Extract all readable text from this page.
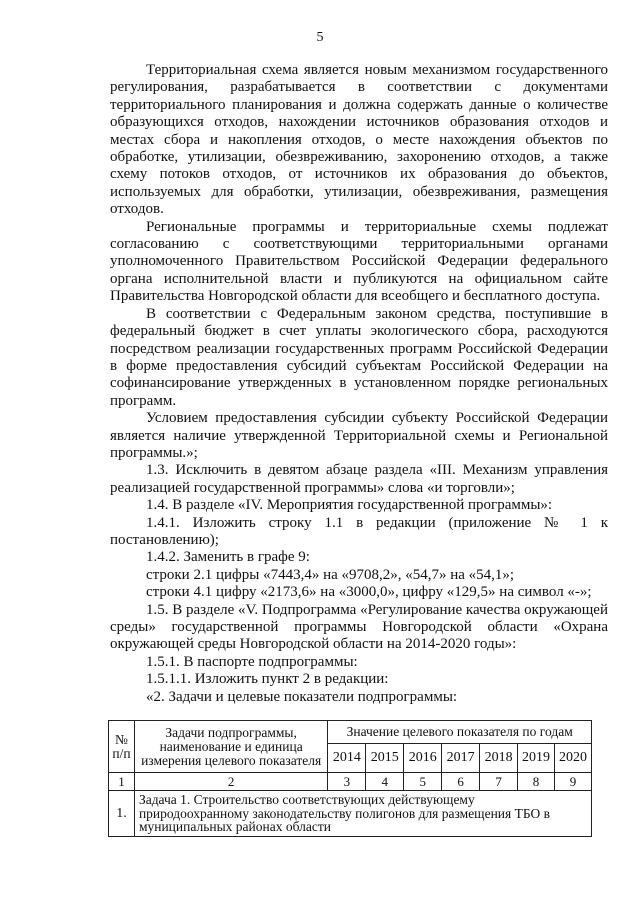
5

Территориальная схема является новым механизмом государственного регулирования, разрабатывается в соответствии с документами территориального планирования и должна содержать данные о количестве образующихся отходов, нахождении источников образования отходов и местах сбора и накопления отходов, о месте нахождения объектов по обработке, утилизации, обезвреживанию, захоронению отходов, а также схему потоков отходов, от источников их образования до объектов, используемых для обработки, утилизации, обезвреживания, размещения отходов.

Региональные программы и территориальные схемы подлежат согласованию с соответствующими территориальными органами уполномоченного Правительством Российской Федерации федерального органа исполнительной власти и публикуются на официальном сайте Правительства Новгородской области для всеобщего и бесплатного доступа.

В соответствии с Федеральным законом средства, поступившие в федеральный бюджет в счет уплаты экологического сбора, расходуются посредством реализации государственных программ Российской Федерации в форме предоставления субсидий субъектам Российской Федерации на софинансирование утвержденных в установленном порядке региональных программ.

Условием предоставления субсидии субъекту Российской Федерации является наличие утвержденной Территориальной схемы и Региональной программы.»;

1.3. Исключить в девятом абзаце раздела «III. Механизм управления реализацией государственной программы» слова «и торговли»;

1.4. В разделе «IV. Мероприятия государственной программы»:

1.4.1. Изложить строку 1.1 в редакции (приложение № 1 к постановлению);

1.4.2. Заменить в графе 9:

строки 2.1 цифры «7443,4» на «9708,2», «54,7» на «54,1»;

строки 4.1 цифру «2173,6» на «3000,0», цифру «129,5» на символ «-»;

1.5. В разделе «V. Подпрограмма «Регулирование качества окружающей среды» государственной программы Новгородской области «Охрана окружающей среды Новгородской области на 2014-2020 годы»:

1.5.1. В паспорте подпрограммы:

1.5.1.1. Изложить пункт 2 в редакции:

«2. Задачи и целевые показатели подпрограммы:

№ п/п	Задачи подпрограммы, наименование и единица измерения целевого показателя	Значение целевого показателя по годам						
		2014	2015	2016	2017	2018	2019	2020
1	2	3	4	5	6	7	8	9
1.	Задача 1. Строительство соответствующих действующему природоохранному законодательству полигонов для размещения ТБО в муниципальных районах области							
